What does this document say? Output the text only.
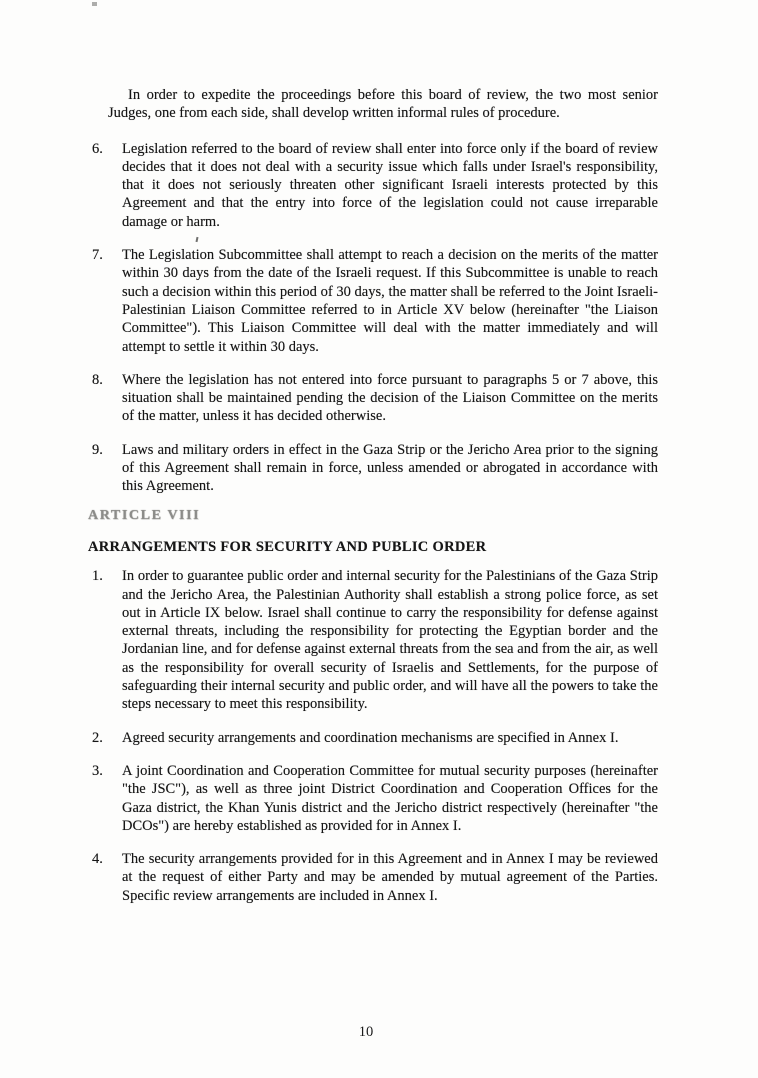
In order to expedite the proceedings before this board of review, the two most senior Judges, one from each side, shall develop written informal rules of procedure.

6. Legislation referred to the board of review shall enter into force only if the board of review decides that it does not deal with a security issue which falls under Israel's responsibility, that it does not seriously threaten other significant Israeli interests protected by this Agreement and that the entry into force of the legislation could not cause irreparable damage or harm.
7. The Legislation Subcommittee shall attempt to reach a decision on the merits of the matter within 30 days from the date of the Israeli request. If this Subcommittee is unable to reach such a decision within this period of 30 days, the matter shall be referred to the Joint Israeli-Palestinian Liaison Committee referred to in Article XV below (hereinafter "the Liaison Committee"). This Liaison Committee will deal with the matter immediately and will attempt to settle it within 30 days.
8. Where the legislation has not entered into force pursuant to paragraphs 5 or 7 above, this situation shall be maintained pending the decision of the Liaison Committee on the merits of the matter, unless it has decided otherwise.
9. Laws and military orders in effect in the Gaza Strip or the Jericho Area prior to the signing of this Agreement shall remain in force, unless amended or abrogated in accordance with this Agreement.
ARTICLE VIII
ARRANGEMENTS FOR SECURITY AND PUBLIC ORDER
1. In order to guarantee public order and internal security for the Palestinians of the Gaza Strip and the Jericho Area, the Palestinian Authority shall establish a strong police force, as set out in Article IX below. Israel shall continue to carry the responsibility for defense against external threats, including the responsibility for protecting the Egyptian border and the Jordanian line, and for defense against external threats from the sea and from the air, as well as the responsibility for overall security of Israelis and Settlements, for the purpose of safeguarding their internal security and public order, and will have all the powers to take the steps necessary to meet this responsibility.
2. Agreed security arrangements and coordination mechanisms are specified in Annex I.
3. A joint Coordination and Cooperation Committee for mutual security purposes (hereinafter "the JSC"), as well as three joint District Coordination and Cooperation Offices for the Gaza district, the Khan Yunis district and the Jericho district respectively (hereinafter "the DCOs") are hereby established as provided for in Annex I.
4. The security arrangements provided for in this Agreement and in Annex I may be reviewed at the request of either Party and may be amended by mutual agreement of the Parties. Specific review arrangements are included in Annex I.
10
